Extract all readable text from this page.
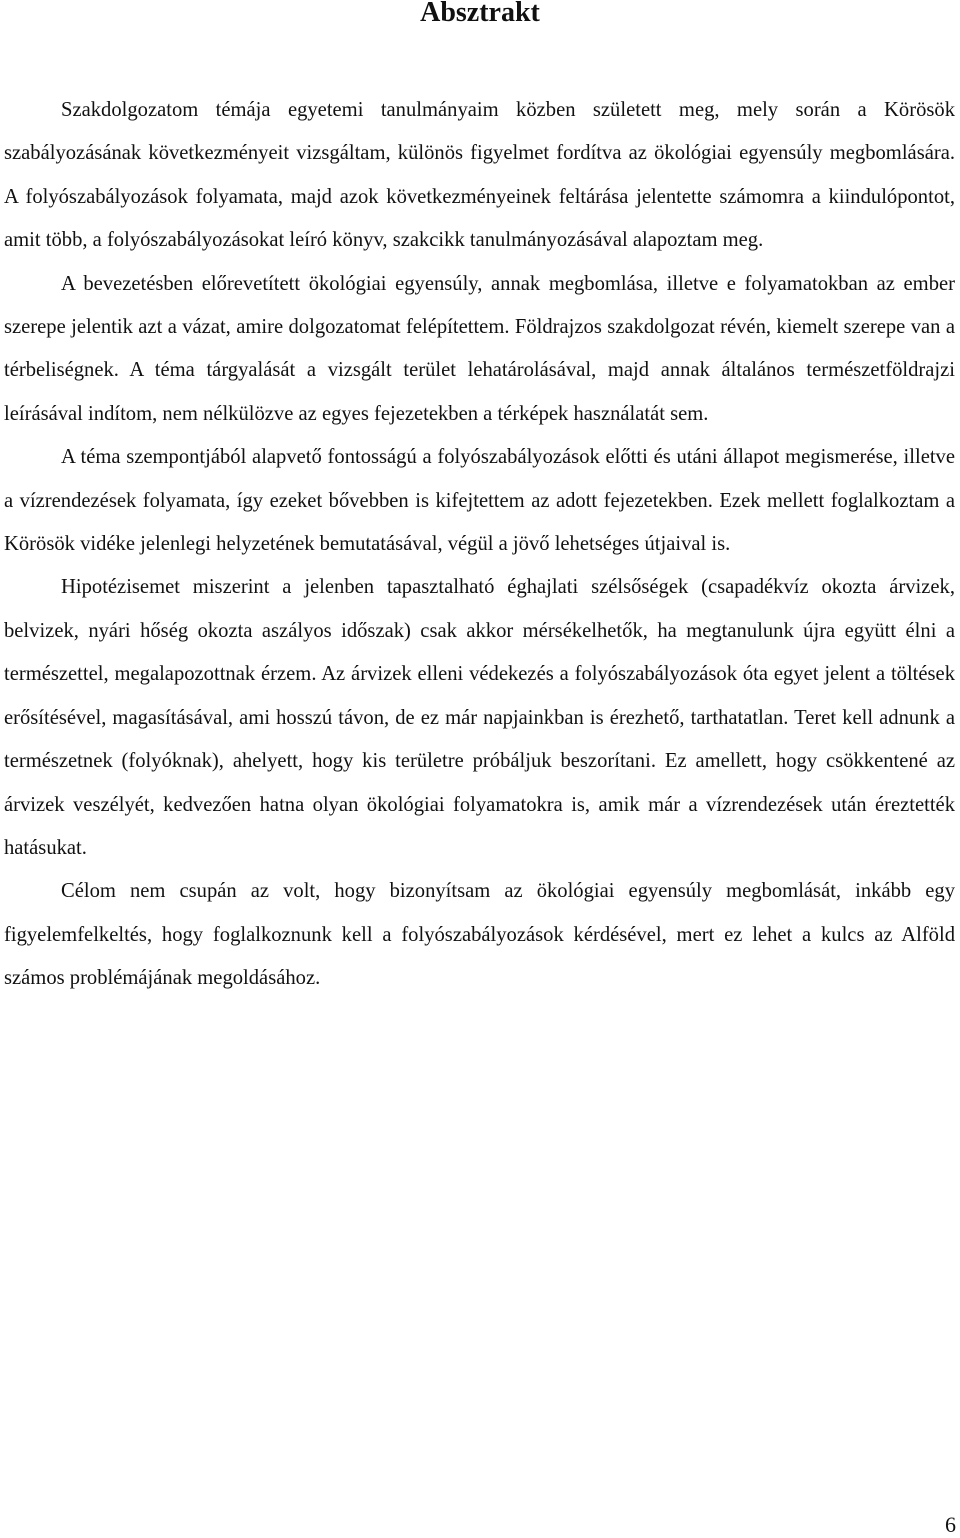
Absztrakt

Szakdolgozatom témája egyetemi tanulmányaim közben született meg, mely során a Körösök szabályozásának következményeit vizsgáltam, különös figyelmet fordítva az ökológiai egyensúly megbomlására. A folyószabályozások folyamata, majd azok következményeinek feltárása jelentette számomra a kiindulópontot, amit több, a folyószabályozásokat leíró könyv, szakcikk tanulmányozásával alapoztam meg.

A bevezetésben előrevetített ökológiai egyensúly, annak megbomlása, illetve e folyamatokban az ember szerepe jelentik azt a vázat, amire dolgozatomat felépítettem. Földrajzos szakdolgozat révén, kiemelt szerepe van a térbeliségnek. A téma tárgyalását a vizsgált terület lehatárolásával, majd annak általános természetföldrajzi leírásával indítom, nem nélkülözve az egyes fejezetekben a térképek használatát sem.

A téma szempontjából alapvető fontosságú a folyószabályozások előtti és utáni állapot megismerése, illetve a vízrendezések folyamata, így ezeket bővebben is kifejtettem az adott fejezetekben. Ezek mellett foglalkoztam a Körösök vidéke jelenlegi helyzetének bemutatásával, végül a jövő lehetséges útjaival is.

Hipotézisemet miszerint a jelenben tapasztalható éghajlati szélsőségek (csapadékvíz okozta árvizek, belvizek, nyári hőség okozta aszályos időszak) csak akkor mérsékelhetők, ha megtanulunk újra együtt élni a természettel, megalapozottnak érzem. Az árvizek elleni védekezés a folyószabályozások óta egyet jelent a töltések erősítésével, magasításával, ami hosszú távon, de ez már napjainkban is érezhető, tarthatatlan. Teret kell adnunk a természetnek (folyóknak), ahelyett, hogy kis területre próbáljuk beszorítani. Ez amellett, hogy csökkentené az árvizek veszélyét, kedvezően hatna olyan ökológiai folyamatokra is, amik már a vízrendezések után éreztették hatásukat.

Célom nem csupán az volt, hogy bizonyítsam az ökológiai egyensúly megbomlását, inkább egy figyelemfelkeltés, hogy foglalkoznunk kell a folyószabályozások kérdésével, mert ez lehet a kulcs az Alföld számos problémájának megoldásához.

6
